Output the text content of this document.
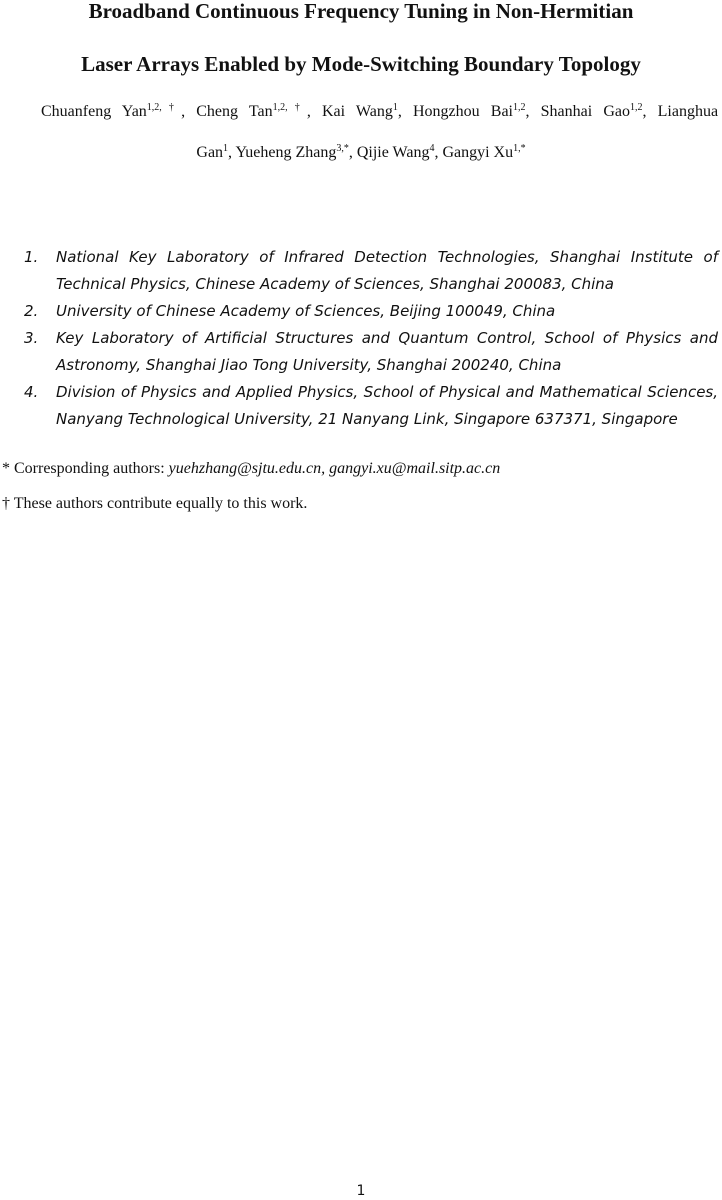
Broadband Continuous Frequency Tuning in Non-Hermitian
Laser Arrays Enabled by Mode-Switching Boundary Topology
Chuanfeng Yan$^{1,2,\dagger}$, Cheng Tan$^{1,2,\dagger}$, Kai Wang$^1$, Hongzhou Bai$^{1,2}$, Shanhai Gao$^{1,2}$, Lianghua
Gan$^1$, Yueheng Zhang$^{3,*}$, Qijie Wang$^4$, Gangyi $Xu^{1,*}$
1. National Key Laboratory of Infrared Detection Technologies, Shanghai Institute of Technical Physics, Chinese Academy of Sciences, Shanghai 200083, China
2. University of Chinese Academy of Sciences, Beijing 100049, China
3. Key Laboratory of Artificial Structures and Quantum Control, School of Physics and Astronomy, Shanghai Jiao Tong University, Shanghai 200240, China
4. Division of Physics and Applied Physics, School of Physical and Mathematical Sciences, Nanyang Technological University, 21 Nanyang Link, Singapore 637371, Singapore
* Corresponding authors: yuehzhang@sjtu.edu.cn, gangyi.xu@mail.sitp.ac.cn
† These authors contribute equally to this work.
1
